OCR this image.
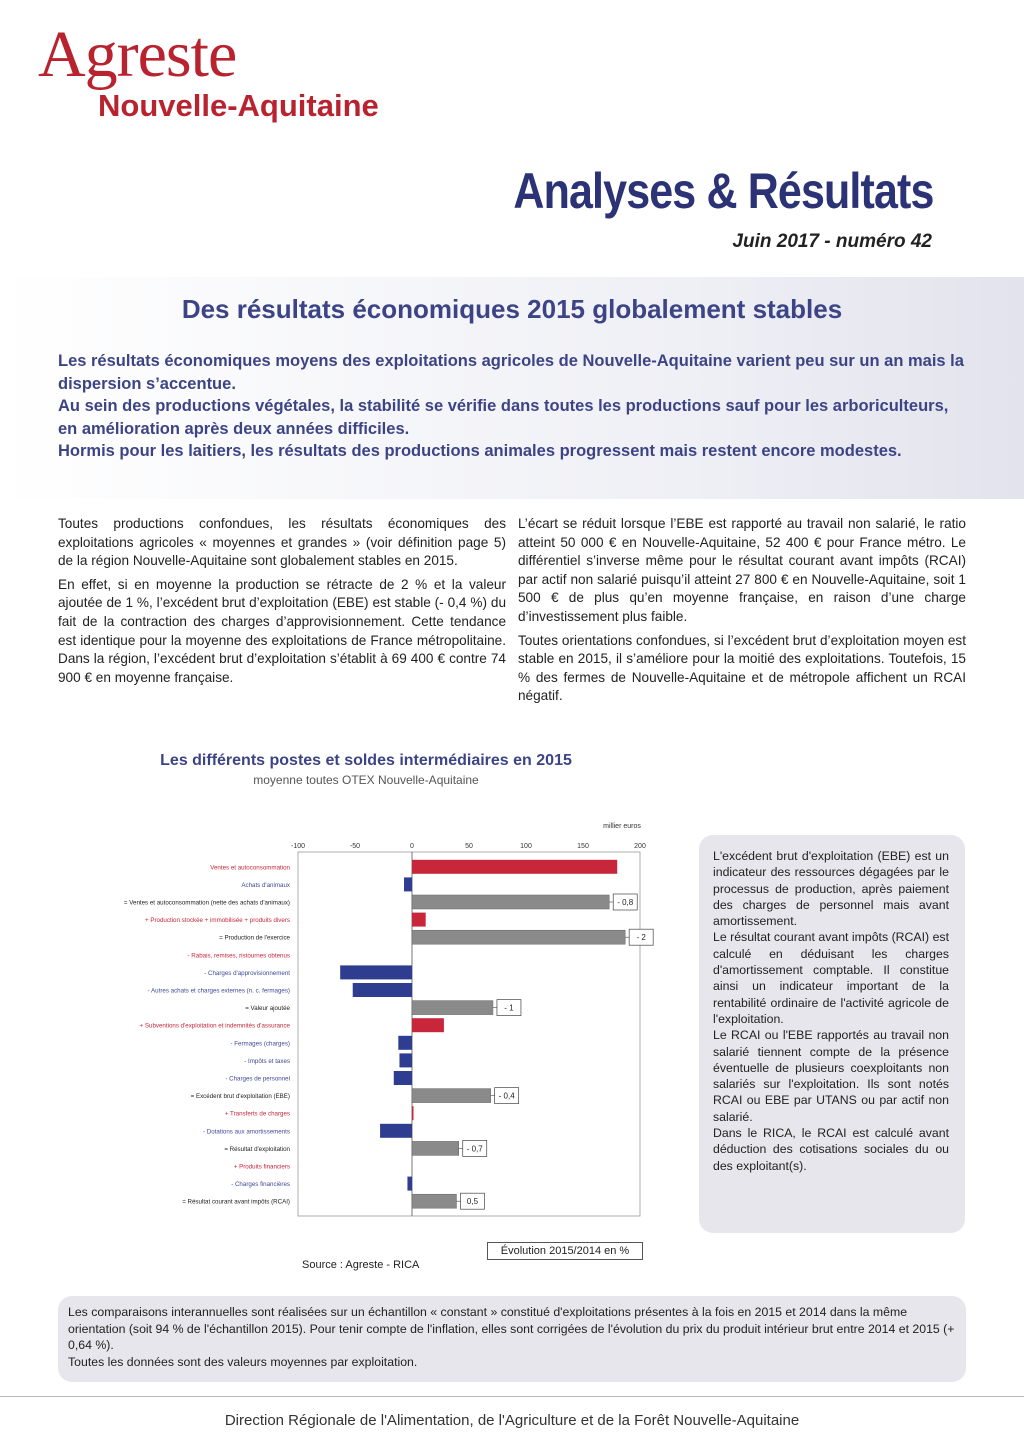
Agreste
Nouvelle-Aquitaine
Analyses & Résultats
Juin 2017 - numéro 42
Des résultats économiques 2015 globalement stables

Les résultats économiques moyens des exploitations agricoles de Nouvelle-Aquitaine varient peu sur un an mais la dispersion s’accentue.

Au sein des productions végétales, la stabilité se vérifie dans toutes les productions sauf pour les arboriculteurs, en amélioration après deux années difficiles.

Hormis pour les laitiers, les résultats des productions animales progressent mais restent encore modestes.

Toutes productions confondues, les résultats économiques des exploitations agricoles « moyennes et grandes » (voir définition page 5) de la région Nouvelle-Aquitaine sont globalement stables en 2015.

En effet, si en moyenne la production se rétracte de 2 % et la valeur ajoutée de 1 %, l’excédent brut d’exploitation (EBE) est stable (- 0,4 %) du fait de la contraction des charges d’approvisionnement. Cette tendance est identique pour la moyenne des exploitations de France métropolitaine. Dans la région, l’excédent brut d’exploitation s’établit à 69 400 € contre 74 900 € en moyenne française.

L’écart se réduit lorsque l’EBE est rapporté au travail non salarié, le ratio atteint 50 000 € en Nouvelle-Aquitaine, 52 400 € pour France métro. Le différentiel s’inverse même pour le résultat courant avant impôts (RCAI) par actif non salarié puisqu’il atteint 27 800 € en Nouvelle-Aquitaine, soit 1 500 € de plus qu’en moyenne française, en raison d’une charge d’investissement plus faible.

Toutes orientations confondues, si l’excédent brut d’exploitation moyen est stable en 2015, il s’améliore pour la moitié des exploitations. Toutefois, 15 % des fermes de Nouvelle-Aquitaine et de métropole affichent un RCAI négatif.

Les différents postes et soldes intermédiaires en 2015
moyenne toutes OTEX Nouvelle-Aquitaine
millier euros
-100	-50	0	50	100	150	200
Ventes et autoconsommation
Achats d'animaux
= Ventes et autoconsommation (nette des achats d'animaux)	- 0,8
+ Production stockée + immobilisée + produits divers
= Production de l'exercice	- 2
- Rabais, remises, ristournes obtenus
- Charges d'approvisionnement
- Autres achats et charges externes (n. c. fermages)
= Valeur ajoutée	- 1
+ Subventions d'exploitation et indemnités d'assurance
- Fermages (charges)
- Impôts et taxes
- Charges de personnel
= Excédent brut d'exploitation (EBE)	- 0,4
+ Transferts de charges
- Dotations aux amortissements
= Résultat d'exploitation	- 0,7
+ Produits financiers
- Charges financières
= Résultat courant avant impôts (RCAI)	0,5
Évolution 2015/2014 en %
Source : Agreste - RICA

L'excédent brut d'exploitation (EBE) est un indicateur des ressources dégagées par le processus de production, après paiement des charges de personnel mais avant amortissement.

Le résultat courant avant impôts (RCAI) est calculé en déduisant les charges d'amortissement comptable. Il constitue ainsi un indicateur important de la rentabilité ordinaire de l'activité agricole de l'exploitation.

Le RCAI ou l'EBE rapportés au travail non salarié tiennent compte de la présence éventuelle de plusieurs coexploitants non salariés sur l'exploitation. Ils sont notés RCAI ou EBE par UTANS ou par actif non salarié.

Dans le RICA, le RCAI est calculé avant déduction des cotisations sociales du ou des exploitant(s).

Les comparaisons interannuelles sont réalisées sur un échantillon « constant » constitué d'exploitations présentes à la fois en 2015 et 2014 dans la même orientation (soit 94 % de l'échantillon 2015). Pour tenir compte de l'inflation, elles sont corrigées de l'évolution du prix du produit intérieur brut entre 2014 et 2015 (+ 0,64 %).

Toutes les données sont des valeurs moyennes par exploitation.

Direction Régionale de l'Alimentation, de l'Agriculture et de la Forêt Nouvelle-Aquitaine
